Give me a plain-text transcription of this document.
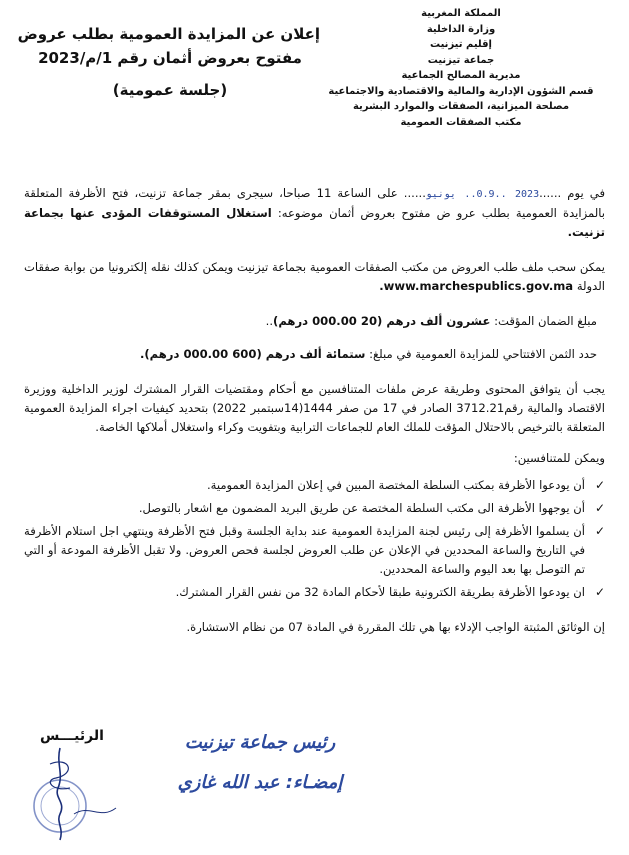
المملكة المغربية
وزارة الداخلية
إقليم تيزنيت
جماعة تيزنيت
مديرية المصالح الجماعية
قسم الشؤون الإدارية والمالية والاقتصادية والاجتماعية
مصلحة الميزانية، الصفقات والموارد البشرية
مكتب الصفقات العمومية
إعلان عن المزايدة العمومية بطلب عروض
مفتوح بعروض أثمان رقم 1/م/2023
(جلسة عمومية)

في يوم ......2023 ..0.9.. يونيو...... على الساعة 11 صباحا، سيجرى بمقر جماعة تزنيت، فتح الأظرفة المتعلقة بالمزايدة العمومية بطلب عرو ض مفتوح بعروض أثمان موضوعه: استغلال المستوقفات المؤدى عنها بجماعة تزنيت.

يمكن سحب ملف طلب العروض من مكتب الصفقات العمومية بجماعة تيزنيت ويمكن كذلك نقله إلكترونيا من بوابة صفقات الدولة www.marchespublics.gov.ma.

مبلغ الضمان المؤقت: عشرون ألف درهم (20 000.00 درهم)..

حدد الثمن الافتتاحي للمزايدة العمومية في مبلغ: ستمائة ألف درهم (600 000.00 درهم).

يجب أن يتوافق المحتوى وطريقة عرض ملفات المتنافسين مع أحكام ومقتضيات القرار المشترك لوزير الداخلية ووزيرة الاقتصاد والمالية رقم3712.21 الصادر في 17 من صفر 1444(14سبتمبر 2022) بتحديد كيفيات اجراء المزايدة العمومية المتعلقة بالترخيص بالاحتلال المؤقت للملك العام للجماعات الترابية وبتفويت وكراء واستغلال أملاكها الخاصة.

ويمكن للمتنافسين:

✓
أن يودعوا الأظرفة بمكتب السلطة المختصة المبين في إعلان المزايدة العمومية.
✓
أن يوجهوا الأظرفة الى مكتب السلطة المختصة عن طريق البريد المضمون مع اشعار بالتوصل.
✓
أن يسلموا الأظرفة إلى رئيس لجنة المزايدة العمومية عند بداية الجلسة وقبل فتح الأظرفة وينتهي اجل استلام الأظرفة في التاريخ والساعة المحددين في الإعلان عن طلب العروض لجلسة فحص العروض. ولا تقبل الأظرفة المودعة أو التي تم التوصل بها بعد اليوم والساعة المحددين.
✓
ان يودعوا الأظرفة بطريقة الكترونية طبقا لأحكام المادة 32 من نفس القرار المشترك.

إن الوثائق المثبتة الواجب الإدلاء بها هي تلك المقررة في المادة 07 من نظام الاستشارة.

الرئيـــس	رئيس جماعة تيزنيت
إمضـاء: عبد الله غازي
